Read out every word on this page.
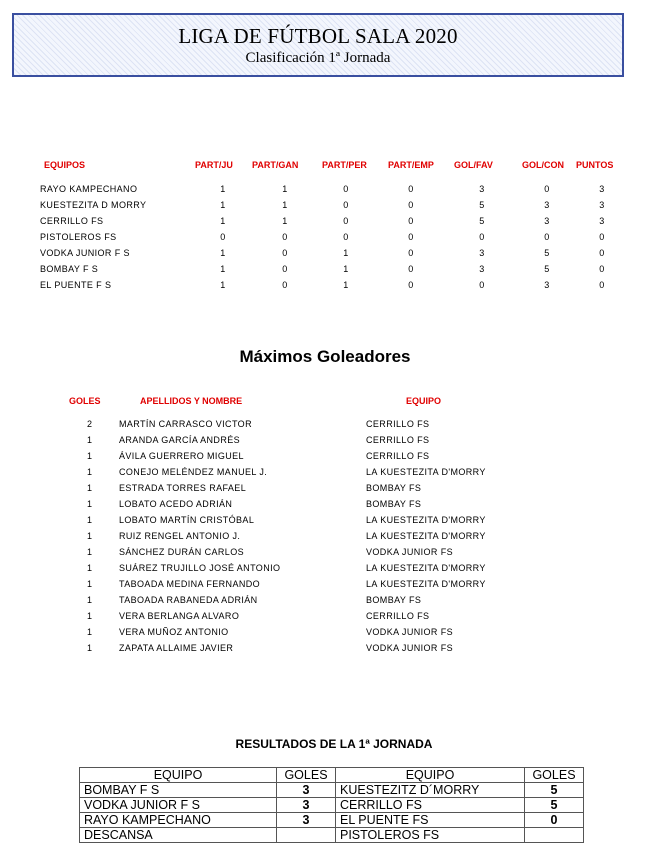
LIGA DE FÚTBOL SALA 2020
Clasificación 1ª Jornada
EQUIPOS	PART/JU PART/GAN	PART/PER PART/EMP GOL/FAV	GOL/CON PUNTOS
RAYO KAMPECHANO	1	1	0	0	3	0	3
KUESTEZITA D MORRY	1	1	0	0	5	3	3
CERRILLO FS	1	1	0	0	5	3	3
PISTOLEROS FS	0	0	0	0	0	0	0
VODKA JUNIOR F S	1	0	1	0	3	5	0
BOMBAY F S	1	0	1	0	3	5	0
EL PUENTE F S	1	0	1	0	0	3	0
Máximos Goleadores
GOLES	APELLIDOS Y NOMBRE	EQUIPO
2	MARTÍN CARRASCO VICTOR	CERRILLO FS
1	ARANDA GARCÍA ANDRÉS	CERRILLO FS
1	ÁVILA GUERRERO MIGUEL	CERRILLO FS
1	CONEJO MELÉNDEZ MANUEL J.	LA KUESTEZITA D'MORRY
1	ESTRADA TORRES RAFAEL	BOMBAY FS
1	LOBATO ACEDO ADRIÁN	BOMBAY FS
1	LOBATO MARTÍN CRISTÓBAL	LA KUESTEZITA D'MORRY
1	RUIZ RENGEL ANTONIO J.	LA KUESTEZITA D'MORRY
1	SÁNCHEZ DURÁN CARLOS	VODKA JUNIOR FS
1	SUÁREZ TRUJILLO JOSÉ ANTONIO	LA KUESTEZITA D'MORRY
1	TABOADA MEDINA FERNANDO	LA KUESTEZITA D'MORRY
1	TABOADA RABANEDA ADRIÁN	BOMBAY FS
1	VERA BERLANGA ALVARO	CERRILLO FS
1	VERA MUÑOZ ANTONIO	VODKA JUNIOR FS
1	ZAPATA ALLAIME JAVIER	VODKA JUNIOR FS
RESULTADOS DE LA 1ª JORNADA
EQUIPO	GOLES	EQUIPO	GOLES
BOMBAY F S	3	KUESTEZITZ D´MORRY	5
VODKA JUNIOR F S	3	CERRILLO FS	5
RAYO KAMPECHANO	3	EL PUENTE FS	0
DESCANSA		PISTOLEROS FS	
